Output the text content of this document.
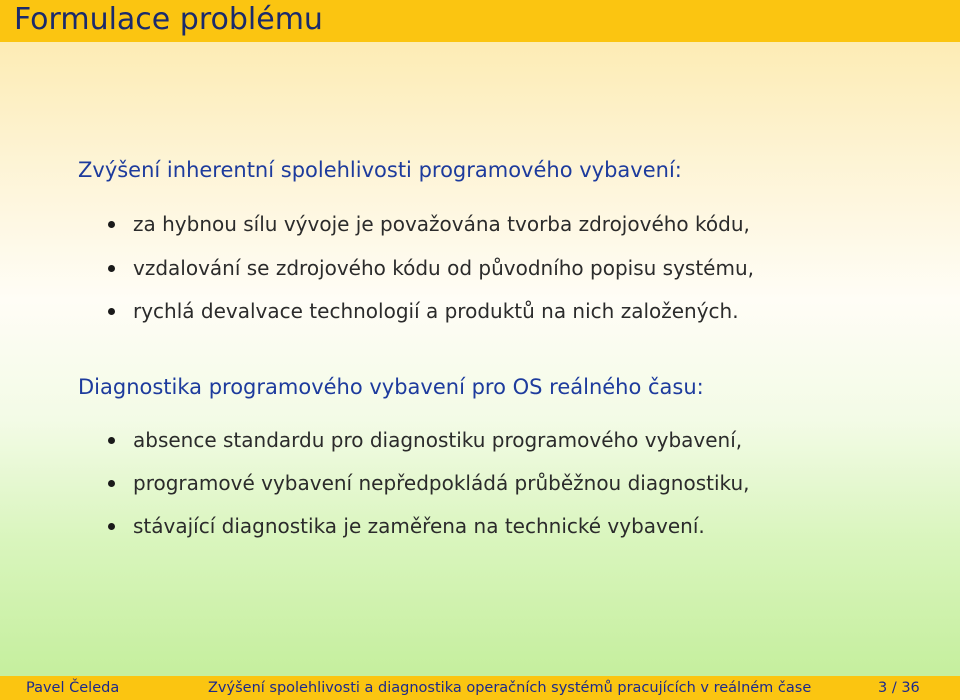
Formulace problému
Zvýšení inherentní spolehlivosti programového vybavení:
za hybnou sílu vývoje je považována tvorba zdrojového kódu,
vzdalování se zdrojového kódu od původního popisu systému,
rychlá devalvace technologií a produktů na nich založených.
Diagnostika programového vybavení pro OS reálného času:
absence standardu pro diagnostiku programového vybavení,
programové vybavení nepředpokládá průběžnou diagnostiku,
stávající diagnostika je zaměřena na technické vybavení.
Pavel Čeleda	Zvýšení spolehlivosti a diagnostika operačních systémů pracujících v reálném čase	3 / 36
